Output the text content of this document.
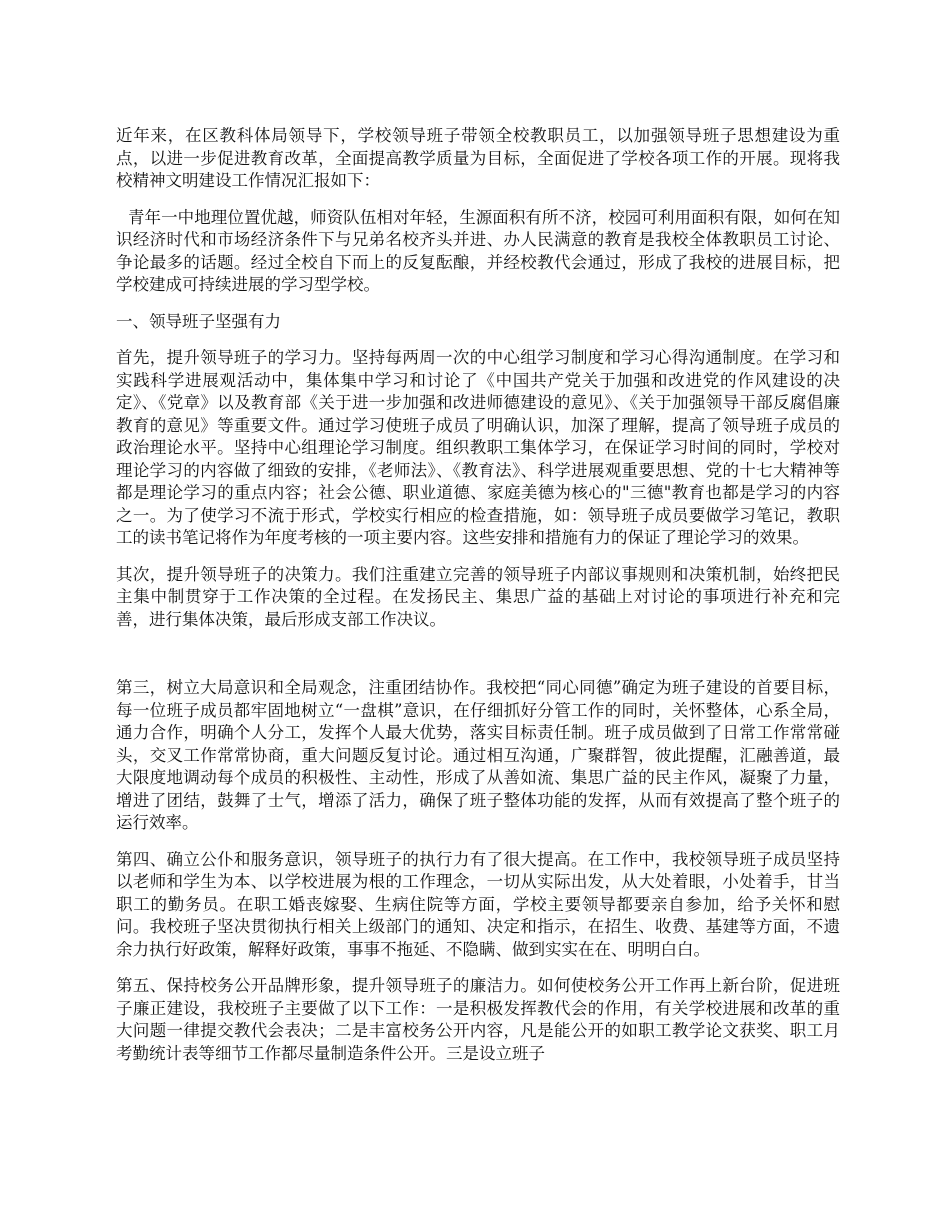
近年来，在区教科体局领导下，学校领导班子带领全校教职员工，以加强领导班子思想建设为重点，以进一步促进教育改革，全面提高教学质量为目标，全面促进了学校各项工作的开展。现将我校精神文明建设工作情况汇报如下：

青年一中地理位置优越，师资队伍相对年轻，生源面积有所不济，校园可利用面积有限，如何在知识经济时代和市场经济条件下与兄弟名校齐头并进、办人民满意的教育是我校全体教职员工讨论、争论最多的话题。经过全校自下而上的反复酝酿，并经校教代会通过，形成了我校的进展目标，把学校建成可持续进展的学习型学校。

一、领导班子坚强有力

首先，提升领导班子的学习力。坚持每两周一次的中心组学习制度和学习心得沟通制度。在学习和实践科学进展观活动中，集体集中学习和讨论了《中国共产党关于加强和改进党的作风建设的决定》、《党章》以及教育部《关于进一步加强和改进师德建设的意见》、《关于加强领导干部反腐倡廉教育的意见》等重要文件。通过学习使班子成员了明确认识，加深了理解，提高了领导班子成员的政治理论水平。坚持中心组理论学习制度。组织教职工集体学习，在保证学习时间的同时，学校对理论学习的内容做了细致的安排，《老师法》、《教育法》、科学进展观重要思想、党的十七大精神等都是理论学习的重点内容；社会公德、职业道德、家庭美德为核心的"三德"教育也都是学习的内容之一。为了使学习不流于形式，学校实行相应的检查措施，如：领导班子成员要做学习笔记，教职工的读书笔记将作为年度考核的一项主要内容。这些安排和措施有力的保证了理论学习的效果。

其次，提升领导班子的决策力。我们注重建立完善的领导班子内部议事规则和决策机制，始终把民主集中制贯穿于工作决策的全过程。在发扬民主、集思广益的基础上对讨论的事项进行补充和完善，进行集体决策，最后形成支部工作决议。

第三，树立大局意识和全局观念，注重团结协作。我校把“同心同德”确定为班子建设的首要目标，每一位班子成员都牢固地树立“一盘棋”意识，在仔细抓好分管工作的同时，关怀整体，心系全局，通力合作，明确个人分工，发挥个人最大优势，落实目标责任制。班子成员做到了日常工作常常碰头，交叉工作常常协商，重大问题反复讨论。通过相互沟通，广聚群智，彼此提醒，汇融善道，最大限度地调动每个成员的积极性、主动性，形成了从善如流、集思广益的民主作风，凝聚了力量，增进了团结，鼓舞了士气，增添了活力，确保了班子整体功能的发挥，从而有效提高了整个班子的运行效率。

第四、确立公仆和服务意识，领导班子的执行力有了很大提高。在工作中，我校领导班子成员坚持以老师和学生为本、以学校进展为根的工作理念，一切从实际出发，从大处着眼，小处着手，甘当职工的勤务员。在职工婚丧嫁娶、生病住院等方面，学校主要领导都要亲自参加，给予关怀和慰问。我校班子坚决贯彻执行相关上级部门的通知、决定和指示，在招生、收费、基建等方面，不遗余力执行好政策，解释好政策，事事不拖延、不隐瞒、做到实实在在、明明白白。

第五、保持校务公开品牌形象，提升领导班子的廉洁力。如何使校务公开工作再上新台阶，促进班子廉正建设，我校班子主要做了以下工作：一是积极发挥教代会的作用，有关学校进展和改革的重大问题一律提交教代会表决；二是丰富校务公开内容，凡是能公开的如职工教学论文获奖、职工月考勤统计表等细节工作都尽量制造条件公开。三是设立班子
